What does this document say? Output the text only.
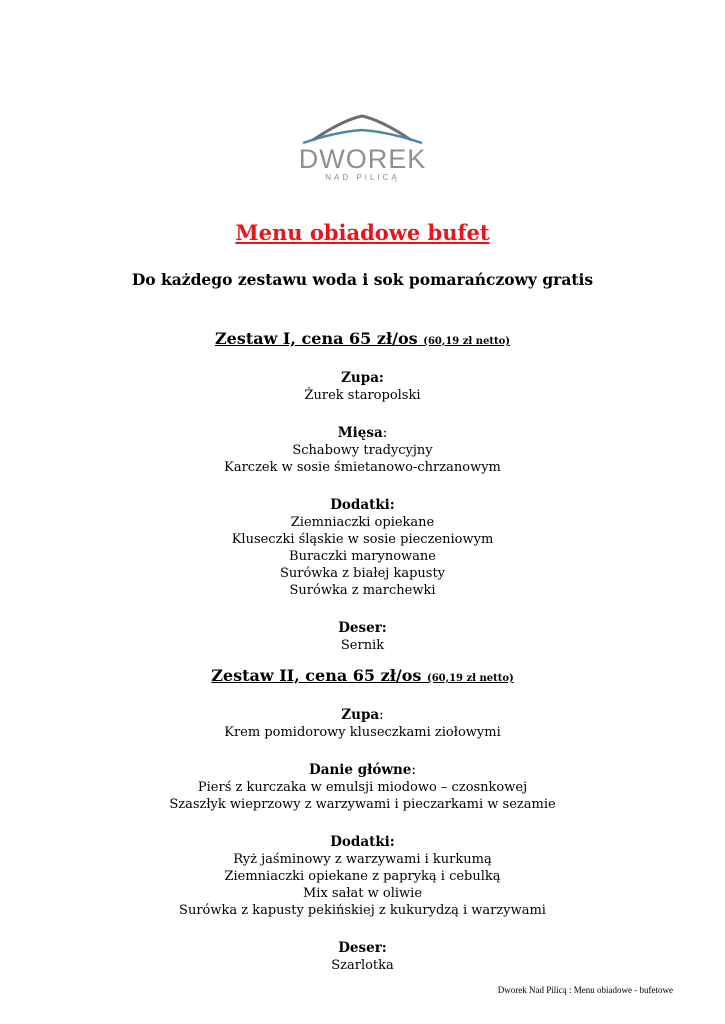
DWOREK
NAD PILICĄ
Menu obiadowe bufet
Do każdego zestawu woda i sok pomarańczowy gratis
Zestaw I, cena 65 zł/os (60,19 zł netto)
Zupa:
Żurek staropolski
Mięsa:
Schabowy tradycyjny
Karczek w sosie śmietanowo-chrzanowym
Dodatki:
Ziemniaczki opiekane
Kluseczki śląskie w sosie pieczeniowym
Buraczki marynowane
Surówka z białej kapusty
Surówka z marchewki
Deser:
Sernik
Zestaw II, cena 65 zł/os (60,19 zł netto)
Zupa:
Krem pomidorowy kluseczkami ziołowymi
Danie główne:
Pierś z kurczaka w emulsji miodowo – czosnkowej
Szaszłyk wieprzowy z warzywami i pieczarkami w sezamie
Dodatki:
Ryż jaśminowy z warzywami i kurkumą
Ziemniaczki opiekane z papryką i cebulką
Mix sałat w oliwie
Surówka z kapusty pekińskiej z kukurydzą i warzywami
Deser:
Szarlotka
Dworek Nad Pilicą : Menu obiadowe - bufetowe
